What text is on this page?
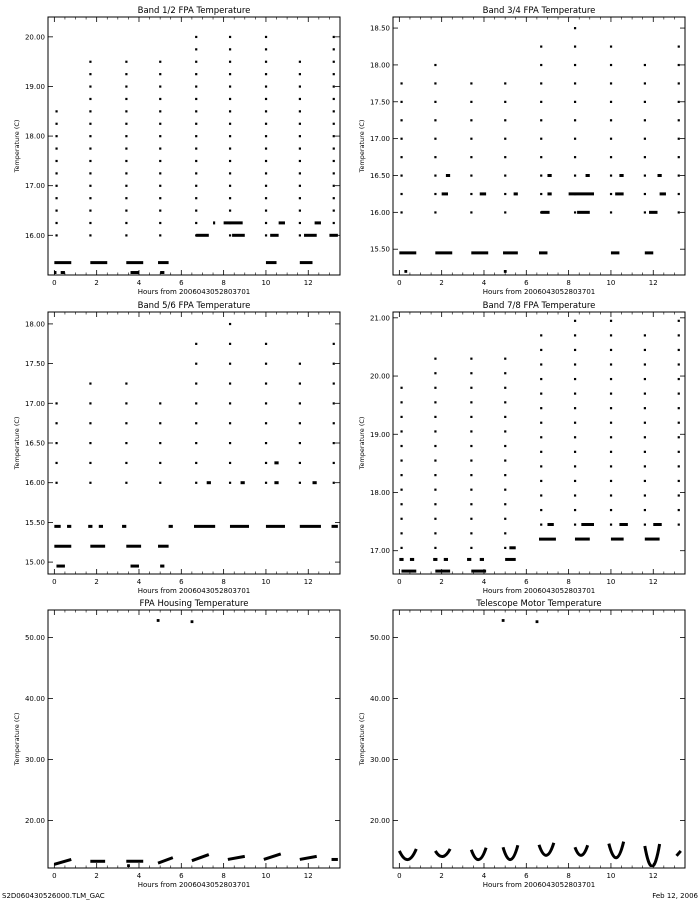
Band 1/2 FPA Temperature
Hours from 2006043052803701
Temperature (C)
0	2	4	6	8	10	12
16.00
17.00
18.00
19.00
20.00
Band 3/4 FPA Temperature
Hours from 2006043052803701
Temperature (C)
0	2	4	6	8	10	12
15.50
16.00
16.50
17.00
17.50
18.00
18.50
Band 5/6 FPA Temperature
Hours from 2006043052803701
Temperature (C)
0	2	4	6	8	10	12
15.00
15.50
16.00
16.50
17.00
17.50
18.00
Band 7/8 FPA Temperature
Hours from 2006043052803701
Temperature (C)
0	2	4	6	8	10	12
17.00
18.00
19.00
20.00
21.00
FPA Housing Temperature
Hours from 2006043052803701
Temperature (C)
0	2	4	6	8	10	12
20.00
30.00
40.00
50.00
Telescope Motor Temperature
Hours from 2006043052803701
Temperature (C)
0	2	4	6	8	10	12
20.00
30.00
40.00
50.00
S2D060430526000.TLM_GAC	Feb 12, 2006
